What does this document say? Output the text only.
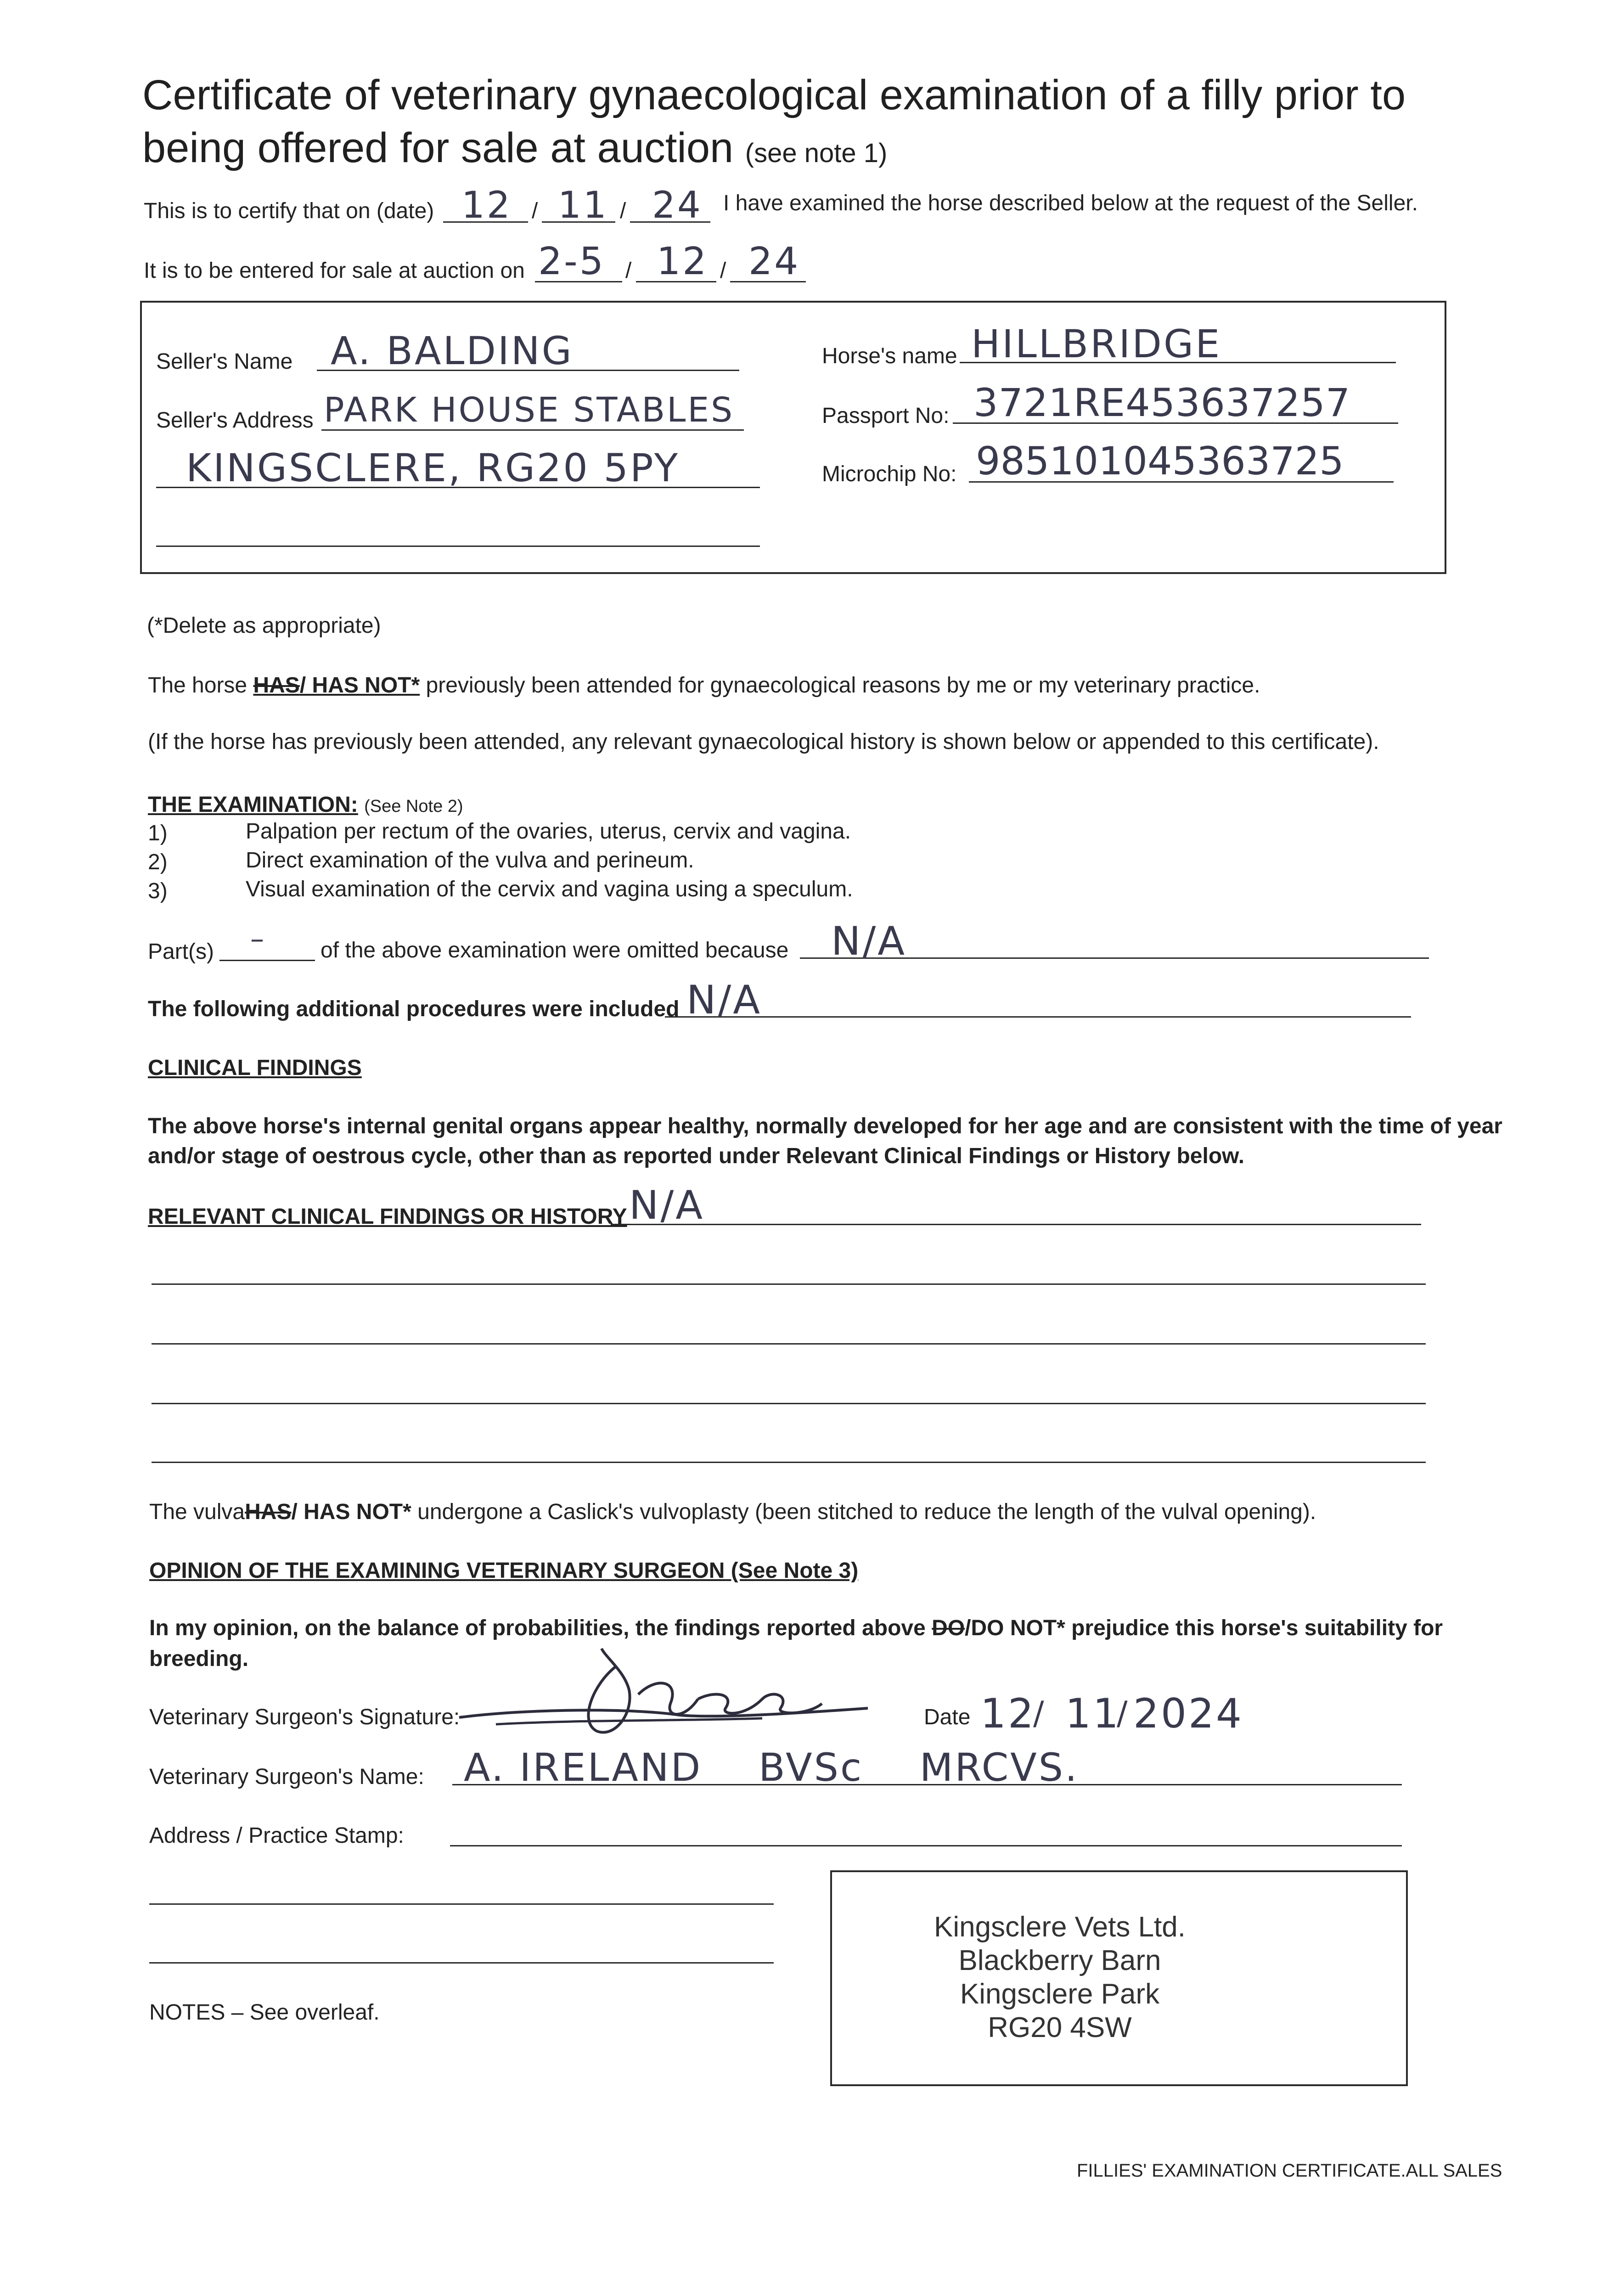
Certificate of veterinary gynaecological examination of a filly prior to
being offered for sale at auction (see note 1)
This is to certify that on (date) 12 / 11 / 24 I have examined the horse described below at the request of the Seller.
It is to be entered for sale at auction on 2-5 / 12 / 24
Seller's Name A. BALDING
Seller's Address PARK HOUSE STABLES
KINGSCLERE, RG20 5PY
Horse's name HILLBRIDGE
Passport No: 3721RE453637257
Microchip No: 985101045363725
(*Delete as appropriate)
The horse HAS/ HAS NOT* previously been attended for gynaecological reasons by me or my veterinary practice.
(If the horse has previously been attended, any relevant gynaecological history is shown below or appended to this certificate).
THE EXAMINATION: (See Note 2)
1)	Palpation per rectum of the ovaries, uterus, cervix and vagina.
2)	Direct examination of the vulva and perineum.
3)	Visual examination of the cervix and vagina using a speculum.
Part(s) – of the above examination were omitted because N/A
The following additional procedures were included N/A
CLINICAL FINDINGS
The above horse's internal genital organs appear healthy, normally developed for her age and are consistent with the time of year
and/or stage of oestrous cycle, other than as reported under Relevant Clinical Findings or History below.
RELEVANT CLINICAL FINDINGS OR HISTORY N/A
The vulvaHAS/ HAS NOT* undergone a Caslick's vulvoplasty (been stitched to reduce the length of the vulval opening).
OPINION OF THE EXAMINING VETERINARY SURGEON (See Note 3)
In my opinion, on the balance of probabilities, the findings reported above DO/DO NOT* prejudice this horse's suitability for
breeding.
Veterinary Surgeon's Signature:	Date 12
/ 11
/ 2024
Veterinary Surgeon's Name: A. IRELAND    BVSc    MRCVS.
Address / Practice Stamp:
Kingsclere Vets Ltd.
Blackberry Barn
Kingsclere Park
RG20 4SW
NOTES – See overleaf.
FILLIES' EXAMINATION CERTIFICATE.ALL SALES
